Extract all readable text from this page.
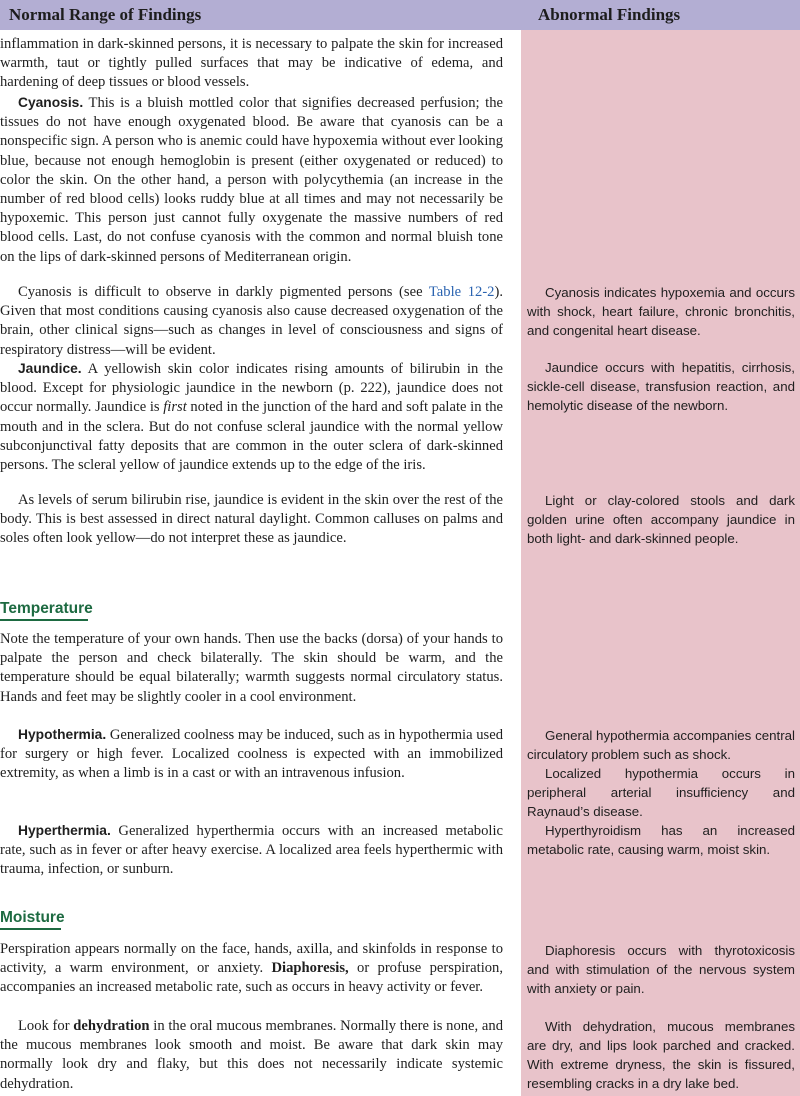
Normal Range of Findings	Abnormal Findings

inflammation in dark-skinned persons, it is necessary to palpate the skin for increased warmth, taut or tightly pulled surfaces that may be indicative of edema, and hardening of deep tissues or blood vessels.

Cyanosis. This is a bluish mottled color that signifies decreased perfusion; the tissues do not have enough oxygenated blood. Be aware that cyanosis can be a nonspecific sign. A person who is anemic could have hypoxemia without ever looking blue, because not enough hemoglobin is present (either oxygenated or reduced) to color the skin. On the other hand, a person with polycythemia (an increase in the number of red blood cells) looks ruddy blue at all times and may not necessarily be hypoxemic. This person just cannot fully oxygenate the massive numbers of red blood cells. Last, do not confuse cyanosis with the common and normal bluish tone on the lips of dark-skinned persons of Mediterranean origin.

Cyanosis is difficult to observe in darkly pigmented persons (see Table 12-2). Given that most conditions causing cyanosis also cause decreased oxygenation of the brain, other clinical signs—such as changes in level of consciousness and signs of respiratory distress—will be evident.

Jaundice. A yellowish skin color indicates rising amounts of bilirubin in the blood. Except for physiologic jaundice in the newborn (p. 222), jaundice does not occur normally. Jaundice is first noted in the junction of the hard and soft palate in the mouth and in the sclera. But do not confuse scleral jaundice with the normal yellow subconjunctival fatty deposits that are common in the outer sclera of dark-skinned persons. The scleral yellow of jaundice extends up to the edge of the iris.

As levels of serum bilirubin rise, jaundice is evident in the skin over the rest of the body. This is best assessed in direct natural daylight. Common calluses on palms and soles often look yellow—do not interpret these as jaundice.

Temperature

Note the temperature of your own hands. Then use the backs (dorsa) of your hands to palpate the person and check bilaterally. The skin should be warm, and the temperature should be equal bilaterally; warmth suggests normal circulatory status. Hands and feet may be slightly cooler in a cool environment.

Hypothermia. Generalized coolness may be induced, such as in hypothermia used for surgery or high fever. Localized coolness is expected with an immobilized extremity, as when a limb is in a cast or with an intravenous infusion.

Hyperthermia. Generalized hyperthermia occurs with an increased metabolic rate, such as in fever or after heavy exercise. A localized area feels hyperthermic with trauma, infection, or sunburn.

Moisture

Perspiration appears normally on the face, hands, axilla, and skinfolds in response to activity, a warm environment, or anxiety. Diaphoresis, or profuse perspiration, accompanies an increased metabolic rate, such as occurs in heavy activity or fever.

Look for dehydration in the oral mucous membranes. Normally there is none, and the mucous membranes look smooth and moist. Be aware that dark skin may normally look dry and flaky, but this does not necessarily indicate systemic dehydration.

Cyanosis indicates hypoxemia and occurs with shock, heart failure, chronic bronchitis, and congenital heart disease.

Jaundice occurs with hepatitis, cirrhosis, sickle-cell disease, transfusion reaction, and hemolytic disease of the newborn.

Light or clay-colored stools and dark golden urine often accompany jaundice in both light- and dark-skinned people.

General hypothermia accompanies central circulatory problem such as shock.

Localized hypothermia occurs in peripheral arterial insufficiency and Raynaud’s disease.

Hyperthyroidism has an increased metabolic rate, causing warm, moist skin.

Diaphoresis occurs with thyrotoxicosis and with stimulation of the nervous system with anxiety or pain.

With dehydration, mucous membranes are dry, and lips look parched and cracked. With extreme dryness, the skin is fissured, resembling cracks in a dry lake bed.
